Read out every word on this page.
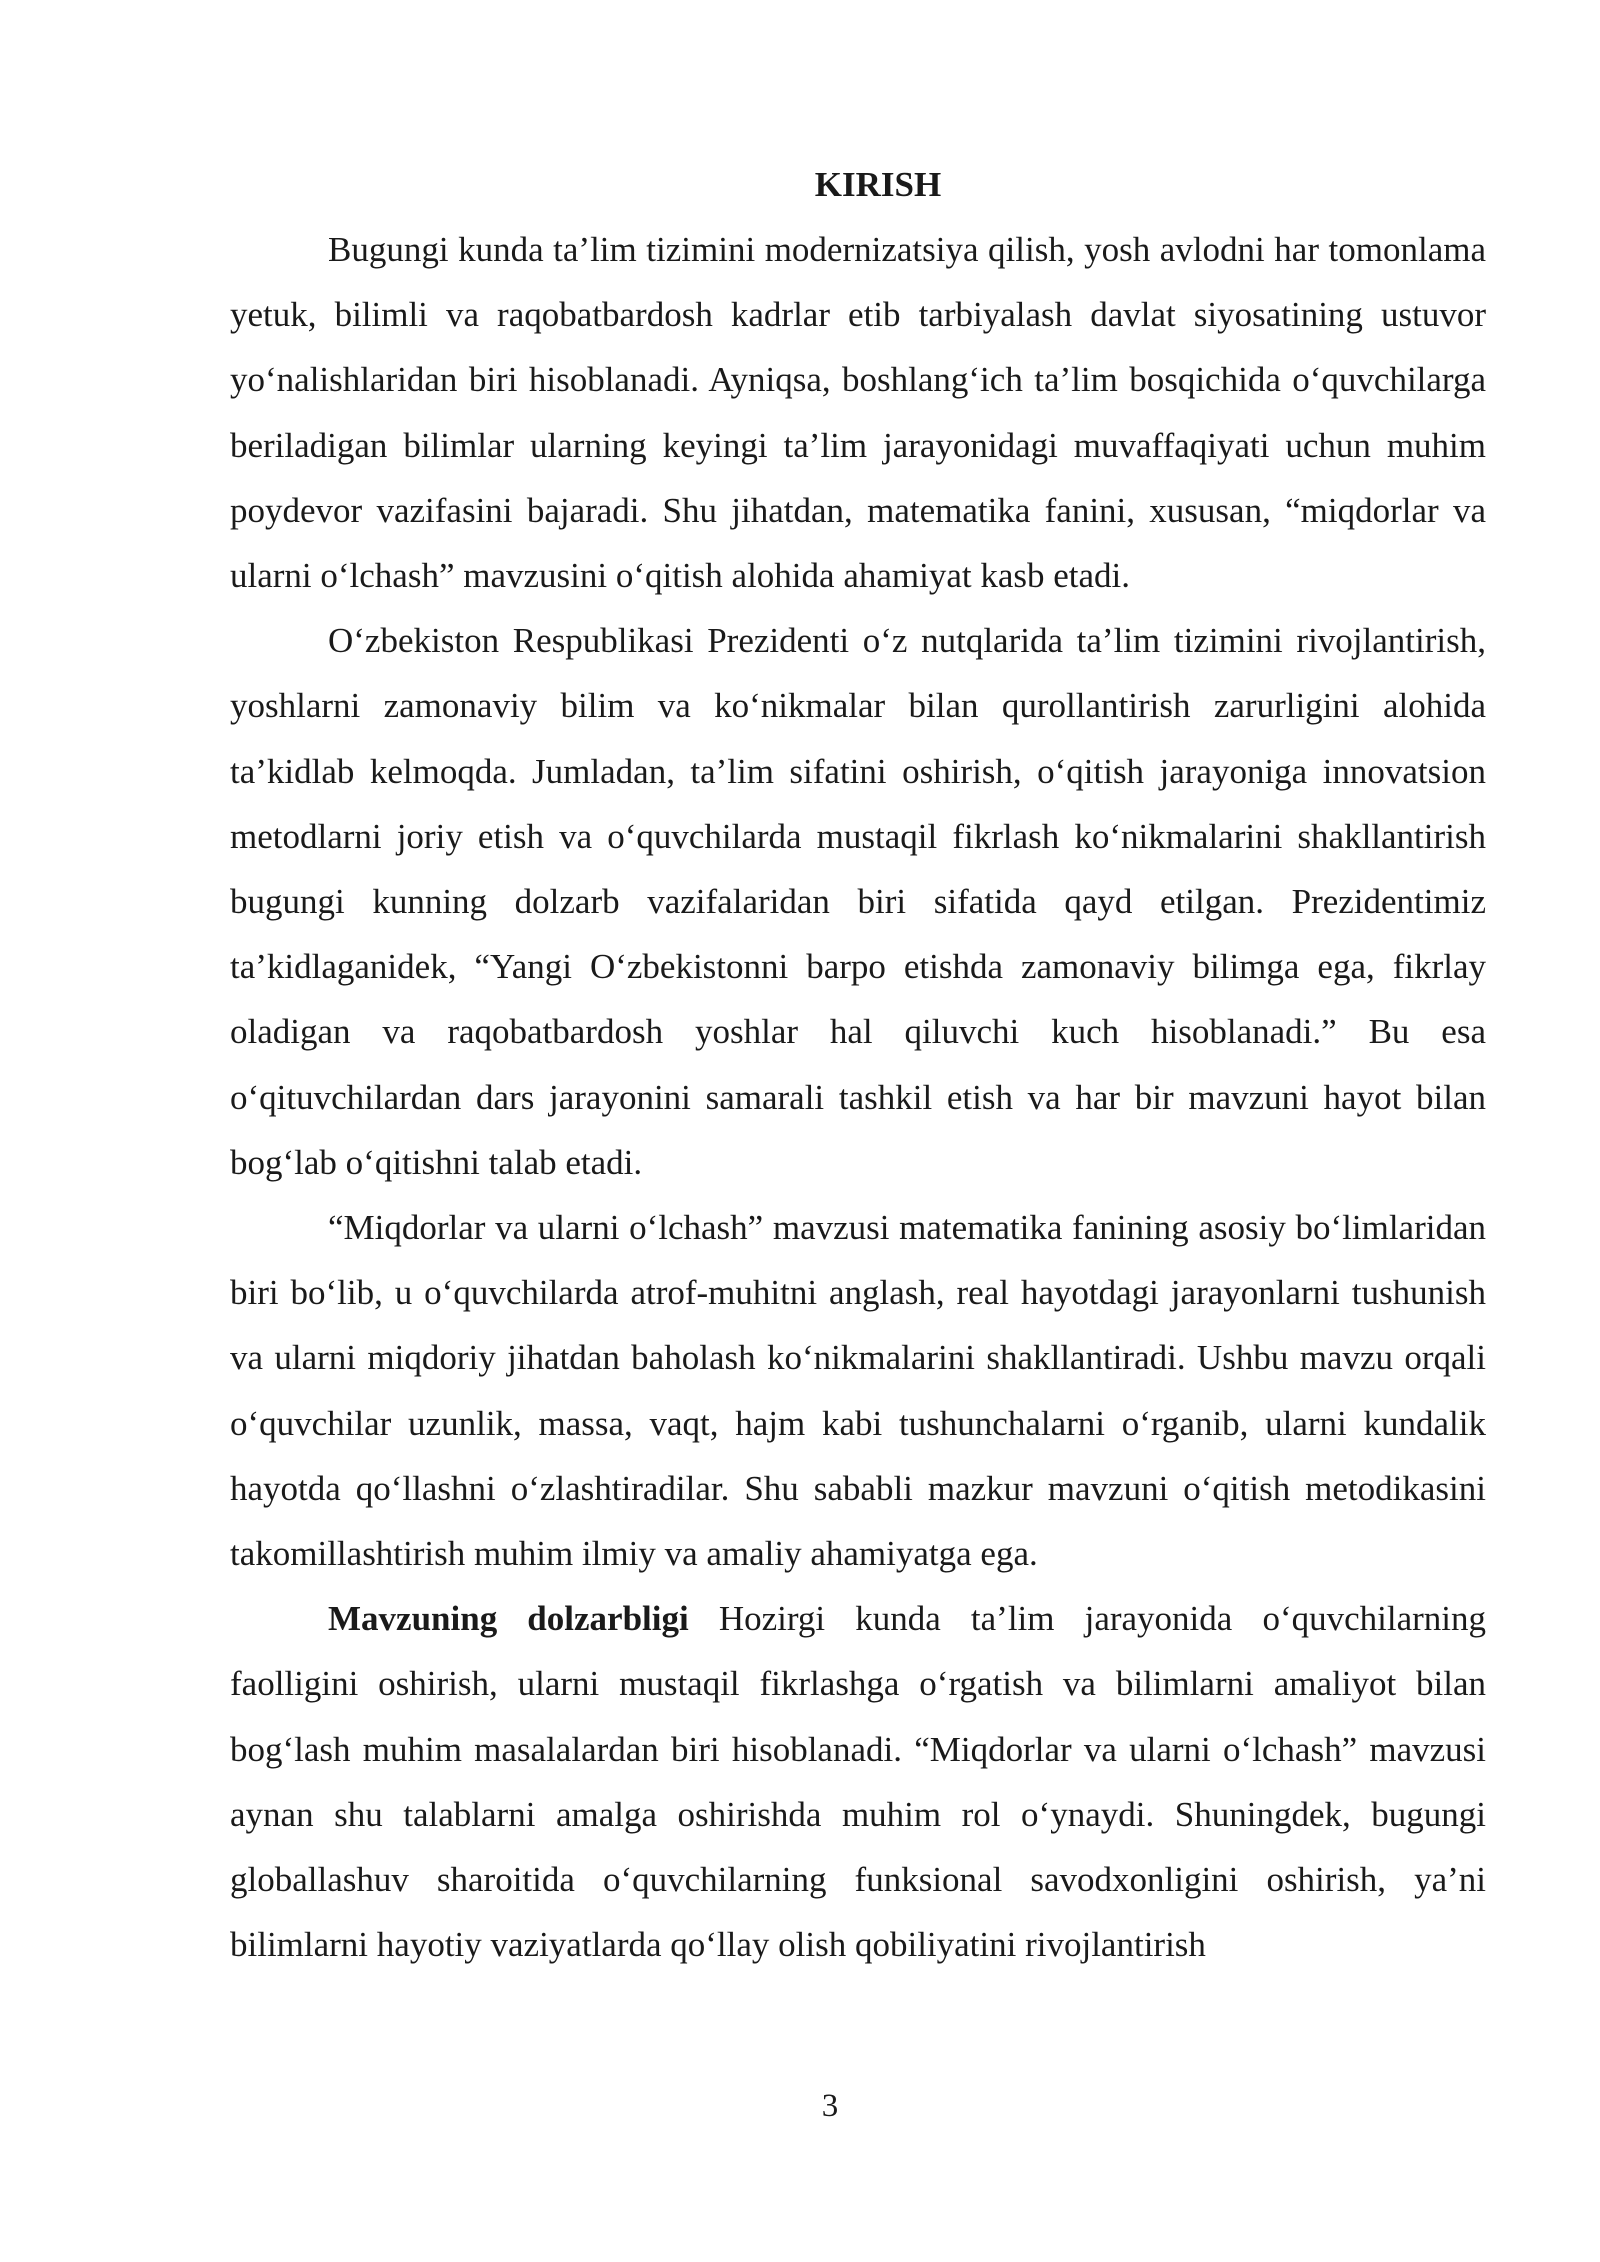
KIRISH

Bugungi kunda ta’lim tizimini modernizatsiya qilish, yosh avlodni har tomonlama yetuk, bilimli va raqobatbardosh kadrlar etib tarbiyalash davlat siyosatining ustuvor yo‘nalishlaridan biri hisoblanadi. Ayniqsa, boshlang‘ich ta’lim bosqichida o‘quvchilarga beriladigan bilimlar ularning keyingi ta’lim jarayonidagi muvaffaqiyati uchun muhim poydevor vazifasini bajaradi. Shu jihatdan, matematika fanini, xususan, “miqdorlar va ularni o‘lchash” mavzusini o‘qitish alohida ahamiyat kasb etadi.

O‘zbekiston Respublikasi Prezidenti o‘z nutqlarida ta’lim tizimini rivojlantirish, yoshlarni zamonaviy bilim va ko‘nikmalar bilan qurollantirish zarurligini alohida ta’kidlab kelmoqda. Jumladan, ta’lim sifatini oshirish, o‘qitish jarayoniga innovatsion metodlarni joriy etish va o‘quvchilarda mustaqil fikrlash ko‘nikmalarini shakllantirish bugungi kunning dolzarb vazifalaridan biri sifatida qayd etilgan. Prezidentimiz ta’kidlaganidek, “Yangi O‘zbekistonni barpo etishda zamonaviy bilimga ega, fikrlay oladigan va raqobatbardosh yoshlar hal qiluvchi kuch hisoblanadi.” Bu esa o‘qituvchilardan dars jarayonini samarali tashkil etish va har bir mavzuni hayot bilan bog‘lab o‘qitishni talab etadi.

“Miqdorlar va ularni o‘lchash” mavzusi matematika fanining asosiy bo‘limlaridan biri bo‘lib, u o‘quvchilarda atrof-muhitni anglash, real hayotdagi jarayonlarni tushunish va ularni miqdoriy jihatdan baholash ko‘nikmalarini shakllantiradi. Ushbu mavzu orqali o‘quvchilar uzunlik, massa, vaqt, hajm kabi tushunchalarni o‘rganib, ularni kundalik hayotda qo‘llashni o‘zlashtiradilar. Shu sababli mazkur mavzuni o‘qitish metodikasini takomillashtirish muhim ilmiy va amaliy ahamiyatga ega.

Mavzuning dolzarbligi Hozirgi kunda ta’lim jarayonida o‘quvchilarning faolligini oshirish, ularni mustaqil fikrlashga o‘rgatish va bilimlarni amaliyot bilan bog‘lash muhim masalalardan biri hisoblanadi. “Miqdorlar va ularni o‘lchash” mavzusi aynan shu talablarni amalga oshirishda muhim rol o‘ynaydi. Shuningdek, bugungi globallashuv sharoitida o‘quvchilarning funksional savodxonligini oshirish, ya’ni bilimlarni hayotiy vaziyatlarda qo‘llay olish qobiliyatini rivojlantirish

3
